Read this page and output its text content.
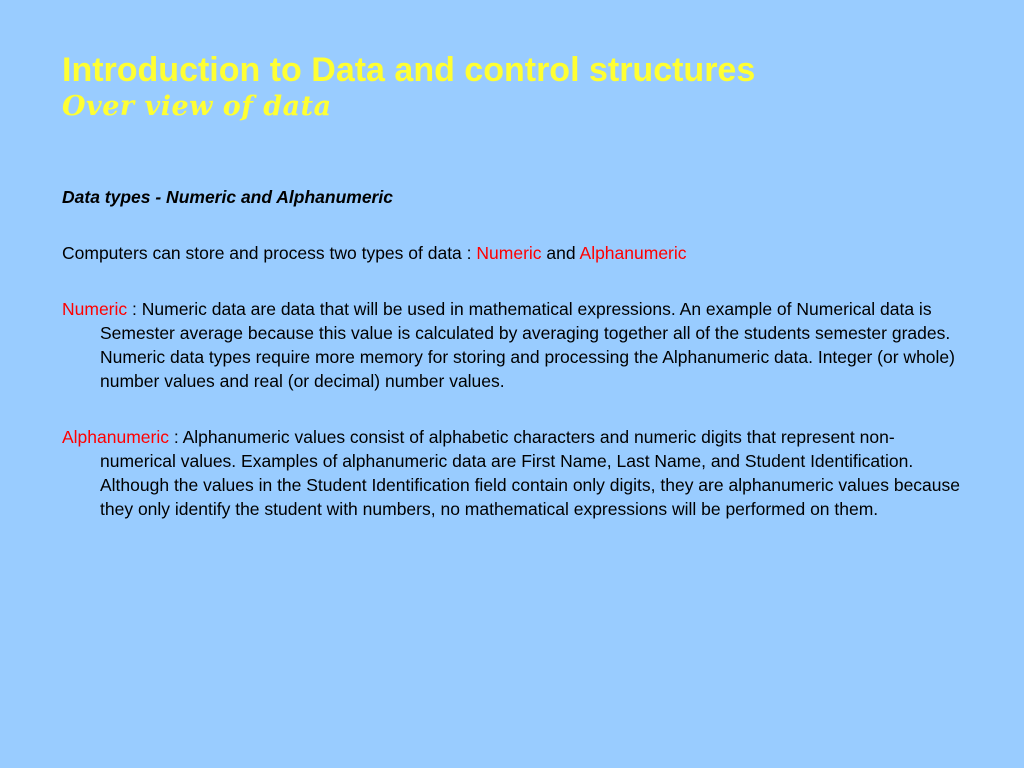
Introduction to Data and control structures
Over view of data

Data types - Numeric and Alphanumeric

Computers can store and process two types of data : Numeric and Alphanumeric

Numeric : Numeric data are data that will be used in mathematical expressions. An example of Numerical data is Semester average because this value is calculated by averaging together all of the students semester grades. Numeric data types require more memory for storing and processing the Alphanumeric data. Integer (or whole) number values and real (or decimal) number values.

Alphanumeric : Alphanumeric values consist of alphabetic characters and numeric digits that represent non-numerical values. Examples of alphanumeric data are First Name, Last Name, and Student Identification. Although the values in the Student Identification field contain only digits, they are alphanumeric values because they only identify the student with numbers, no mathematical expressions will be performed on them.
